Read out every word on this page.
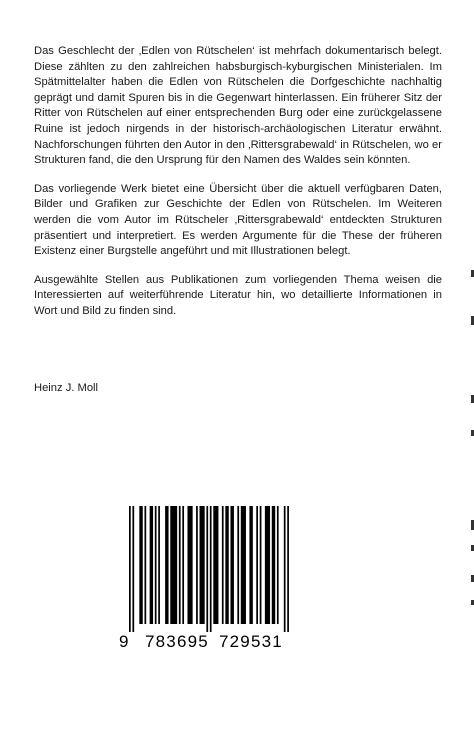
Das Geschlecht der ‚Edlen von Rütschelen‘ ist mehrfach dokumentarisch belegt. Diese zählten zu den zahlreichen habsburgisch-kyburgischen Ministerialen. Im Spätmittelalter haben die Edlen von Rütschelen die Dorfgeschichte nachhaltig geprägt und damit Spuren bis in die Gegenwart hinterlassen. Ein früherer Sitz der Ritter von Rütschelen auf einer entsprechenden Burg oder eine zurückgelassene Ruine ist jedoch nirgends in der historisch-archäologischen Literatur erwähnt. Nachforschungen führten den Autor in den ‚Rittersgrabewald‘ in Rütschelen, wo er Strukturen fand, die den Ursprung für den Namen des Waldes sein könnten.

Das vorliegende Werk bietet eine Übersicht über die aktuell verfügbaren Daten, Bilder und Grafiken zur Geschichte der Edlen von Rütschelen. Im Weiteren werden die vom Autor im Rütscheler ‚Rittersgrabewald‘ entdeckten Strukturen präsentiert und interpretiert. Es werden Argumente für die These der früheren Existenz einer Burgstelle angeführt und mit Illustrationen belegt.

Ausgewählte Stellen aus Publikationen zum vorliegenden Thema weisen die Interessierten auf weiterführende Literatur hin, wo detaillierte Informationen in Wort und Bild zu finden sind.

Heinz J. Moll

9 783695 729531
